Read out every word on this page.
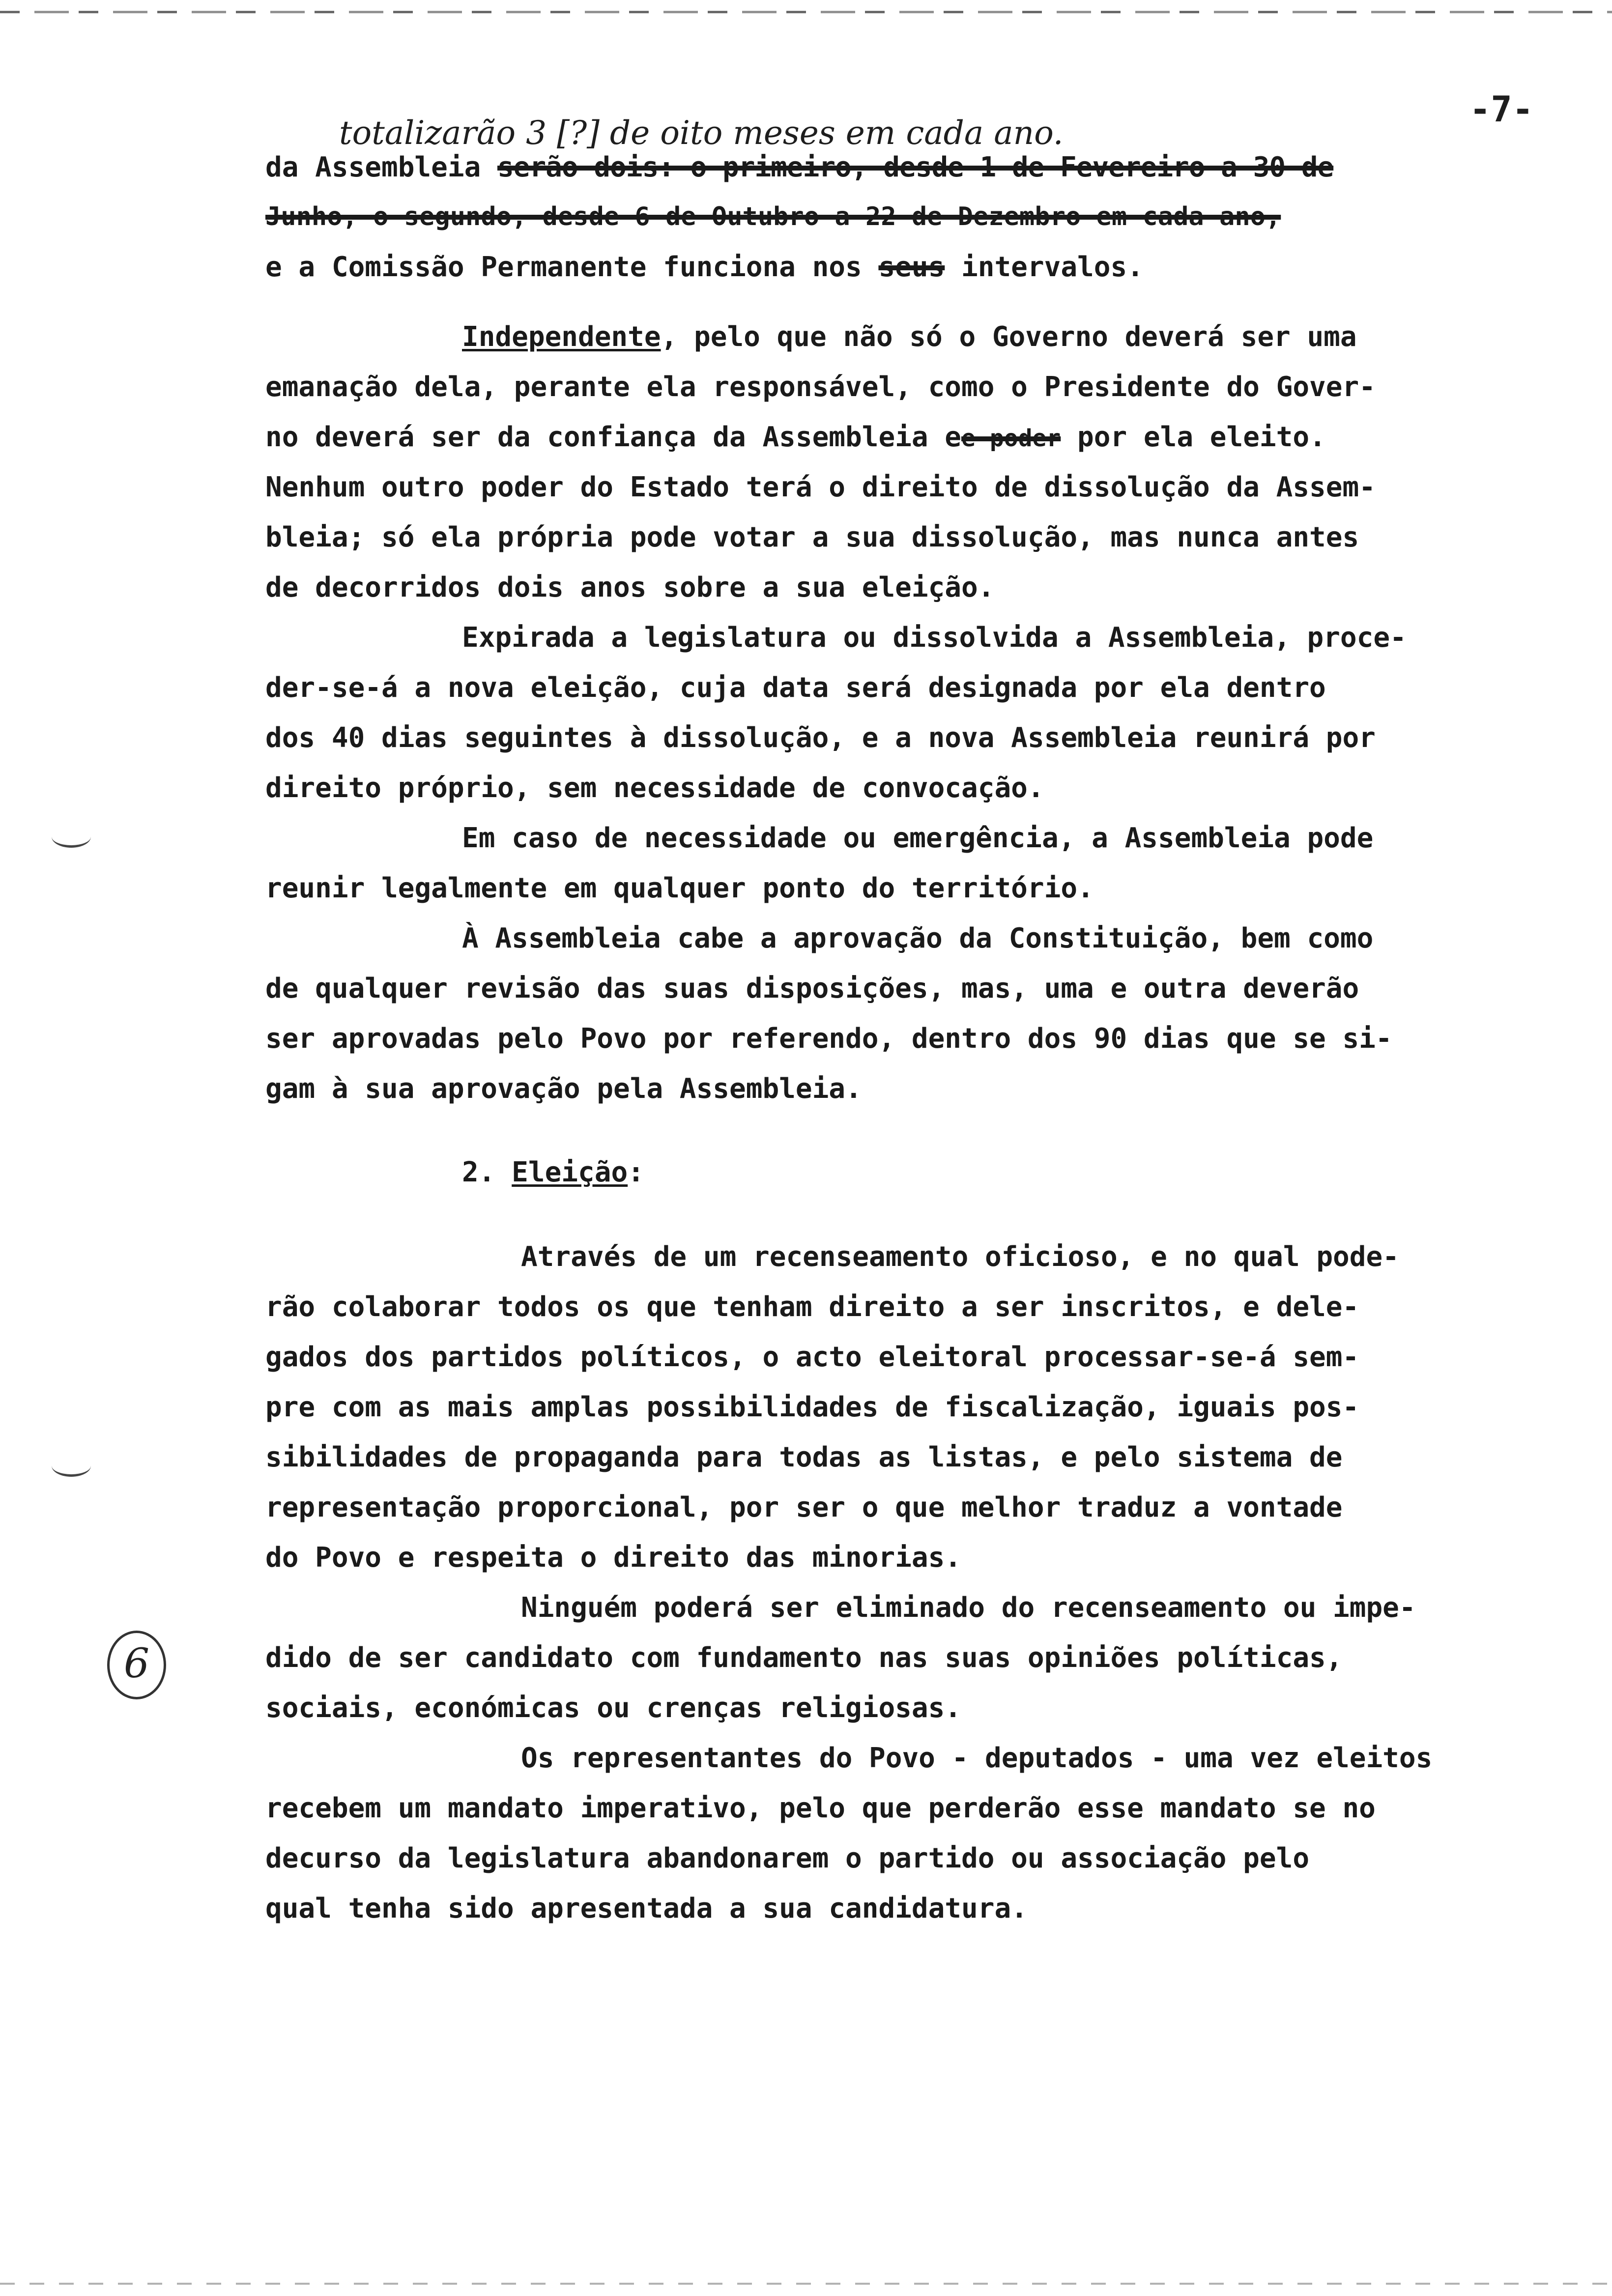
-7-
totalizarão 3 [?] de oito meses em cada ano.
da Assembleia serão dois: o primeiro, desde 1 de Fevereiro a 30 de
Junho, o segundo, desde 6 de Outubro a 22 de Dezembro em cada ano,
e a Comissão Permanente funciona nos seus intervalos.
Independente, pelo que não só o Governo deverá ser uma
emanação dela, perante ela responsável, como o Presidente do Gover-
no deverá ser da confiança da Assembleia ee poder por ela eleito.
Nenhum outro poder do Estado terá o direito de dissolução da Assem-
bleia; só ela própria pode votar a sua dissolução, mas nunca antes
de decorridos dois anos sobre a sua eleição.
Expirada a legislatura ou dissolvida a Assembleia, proce-
der-se-á a nova eleição, cuja data será designada por ela dentro
dos 40 dias seguintes à dissolução, e a nova Assembleia reunirá por
direito próprio, sem necessidade de convocação.
Em caso de necessidade ou emergência, a Assembleia pode
reunir legalmente em qualquer ponto do território.
À Assembleia cabe a aprovação da Constituição, bem como
de qualquer revisão das suas disposições, mas, uma e outra deverão
ser aprovadas pelo Povo por referendo, dentro dos 90 dias que se si-
gam à sua aprovação pela Assembleia.
2. Eleição:
Através de um recenseamento oficioso, e no qual pode-
rão colaborar todos os que tenham direito a ser inscritos, e dele-
gados dos partidos políticos, o acto eleitoral processar-se-á sem-
pre com as mais amplas possibilidades de fiscalização, iguais pos-
sibilidades de propaganda para todas as listas, e pelo sistema de
representação proporcional, por ser o que melhor traduz a vontade
do Povo e respeita o direito das minorias.
Ninguém poderá ser eliminado do recenseamento ou impe-
dido de ser candidato com fundamento nas suas opiniões políticas,
sociais, económicas ou crenças religiosas.
Os representantes do Povo - deputados - uma vez eleitos
recebem um mandato imperativo, pelo que perderão esse mandato se no
decurso da legislatura abandonarem o partido ou associação pelo
qual tenha sido apresentada a sua candidatura.
6
